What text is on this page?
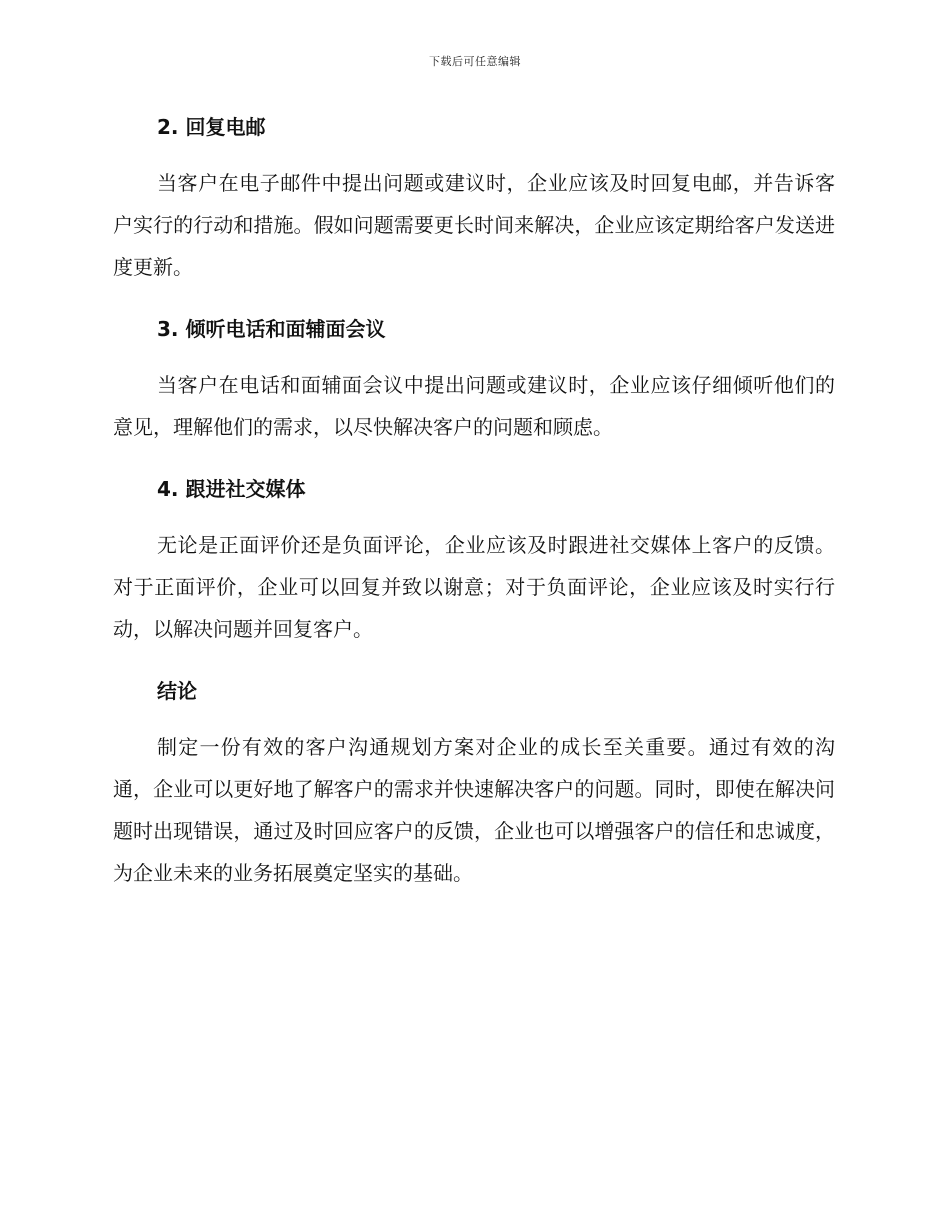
下载后可任意编辑
2. 回复电邮

当客户在电子邮件中提出问题或建议时，企业应该及时回复电邮，并告诉客户实行的行动和措施。假如问题需要更长时间来解决，企业应该定期给客户发送进度更新。

3. 倾听电话和面辅面会议

当客户在电话和面辅面会议中提出问题或建议时，企业应该仔细倾听他们的意见，理解他们的需求，以尽快解决客户的问题和顾虑。

4. 跟进社交媒体

无论是正面评价还是负面评论，企业应该及时跟进社交媒体上客户的反馈。对于正面评价，企业可以回复并致以谢意；对于负面评论，企业应该及时实行行动，以解决问题并回复客户。

结论

制定一份有效的客户沟通规划方案对企业的成长至关重要。通过有效的沟通，企业可以更好地了解客户的需求并快速解决客户的问题。同时，即使在解决问题时出现错误，通过及时回应客户的反馈，企业也可以增强客户的信任和忠诚度，为企业未来的业务拓展奠定坚实的基础。
